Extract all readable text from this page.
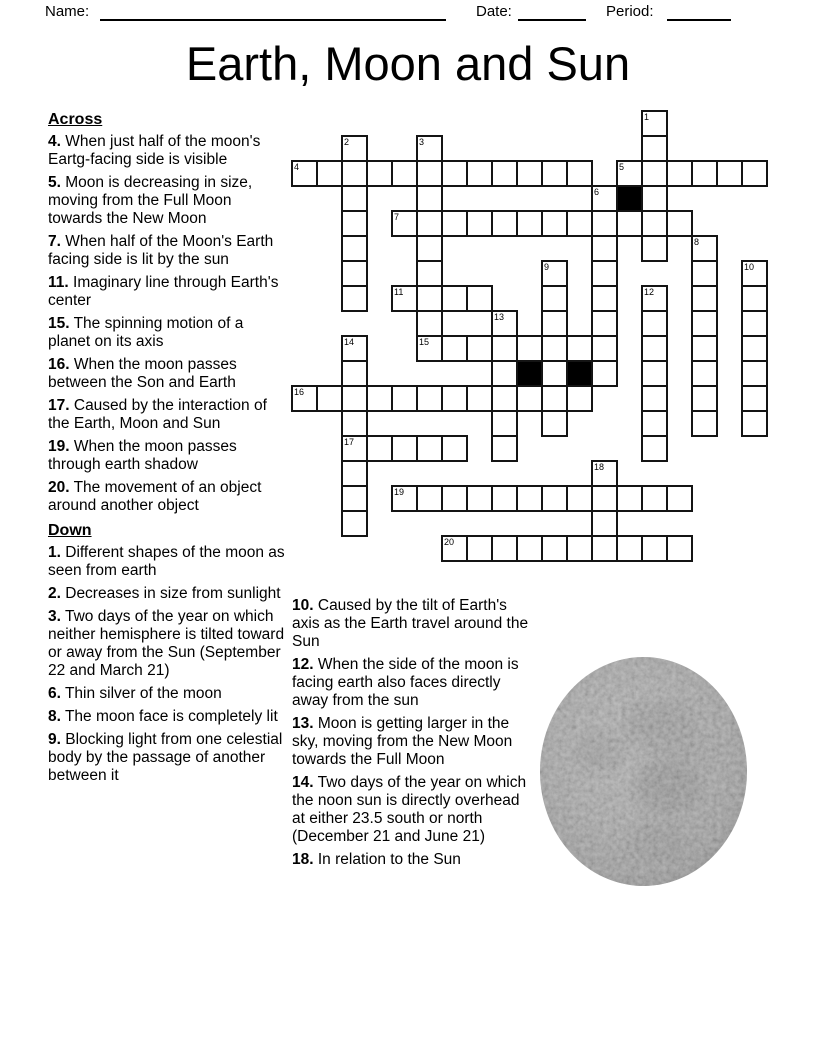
Name:	Date:	Period:
Earth, Moon and Sun
1
2	3
4	5
6
7
8
9	10
11	12
13
14	15
16
17
18
19
20
Across
4. When just half of the moon's Eartg-facing side is visible
5. Moon is decreasing in size, moving from the Full Moon towards the New Moon
7. When half of the Moon's Earth facing side is lit by the sun
11. Imaginary line through Earth's center
15. The spinning motion of a planet on its axis
16. When the moon passes between the Son and Earth
17. Caused by the interaction of the Earth, Moon and Sun
19. When the moon passes through earth shadow
20. The movement of an object around another object
Down
1. Different shapes of the moon as seen from earth
2. Decreases in size from sunlight
3. Two days of the year on which neither hemisphere is tilted toward or away from the Sun (September 22 and March 21)
6. Thin silver of the moon
8. The moon face is completely lit
9. Blocking light from one celestial body by the passage of another between it
10. Caused by the tilt of Earth's axis as the Earth travel around the Sun
12. When the side of the moon is facing earth also faces directly away from the sun
13. Moon is getting larger in the sky, moving from the New Moon towards the Full Moon
14. Two days of the year on which the noon sun is directly overhead at either 23.5 south or north (December 21 and June 21)
18. In relation to the Sun
